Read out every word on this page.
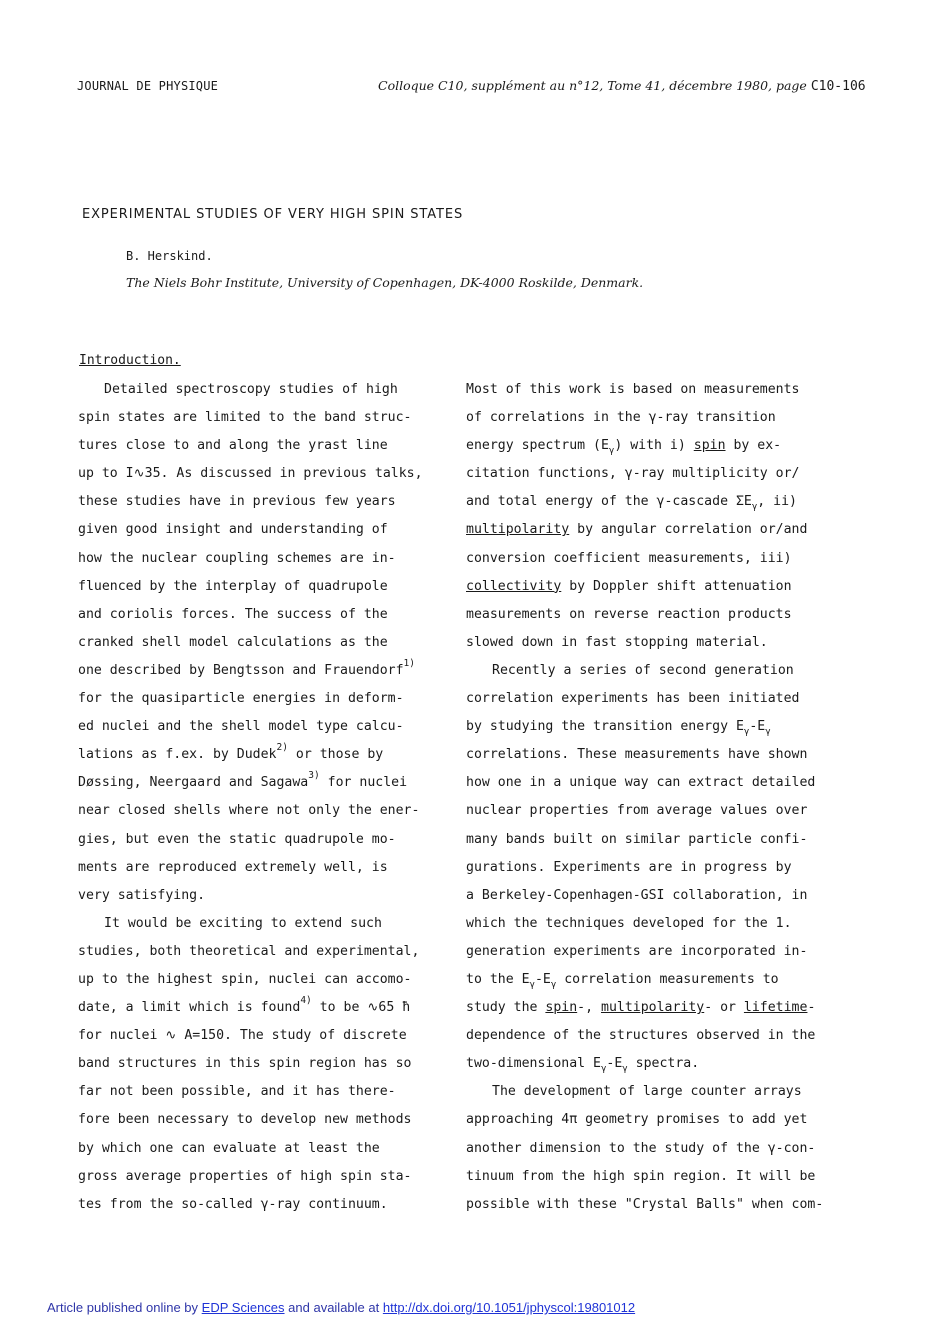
JOURNAL DE PHYSIQUE	Colloque C10, supplément au n°12, Tome 41, décembre 1980, page C10-106
EXPERIMENTAL STUDIES OF VERY HIGH SPIN STATES
B. Herskind.
The Niels Bohr Institute, University of Copenhagen, DK-4000 Roskilde, Denmark.
Introduction.
Detailed spectroscopy studies of high
spin states are limited to the band struc-
tures close to and along the yrast line
up to I∿35. As discussed in previous talks,
these studies have in previous few years
given good insight and understanding of
how the nuclear coupling schemes are in-
fluenced by the interplay of quadrupole
and coriolis forces. The success of the
cranked shell model calculations as the
one described by Bengtsson and Frauendorf$^{1)}$
for the quasiparticle energies in deform-
ed nuclei and the shell model type calcu-
lations as f.ex. by Dudek$^{2)}$ or those by
Døssing, Neergaard and Sagawa$^{3)}$ for nuclei
near closed shells where not only the ener-
gies, but even the static quadrupole mo-
ments are reproduced extremely well, is
very satisfying.
It would be exciting to extend such
studies, both theoretical and experimental,
up to the highest spin, nuclei can accomo-
date, a limit which is found$^{4)}$ to be ∿65 ħ
for nuclei ∿ A=150. The study of discrete
band structures in this spin region has so
far not been possible, and it has there-
fore been necessary to develop new methods
by which one can evaluate at least the
gross average properties of high spin sta-
tes from the so-called γ-ray continuum.
Most of this work is based on measurements
of correlations in the γ-ray transition
energy spectrum $(E_\gamma)$ with i) spin by ex-
citation functions, γ-ray multiplicity or/
and total energy of the γ-cascade $\Sigma E_\gamma$, ii)
multipolarity by angular correlation or/and
conversion coefficient measurements, iii)
collectivity by Doppler shift attenuation
measurements on reverse reaction products
slowed down in fast stopping material.
Recently a series of second generation
correlation experiments has been initiated
by studying the transition energy $E_\gamma-E_\gamma$
correlations. These measurements have shown
how one in a unique way can extract detailed
nuclear properties from average values over
many bands built on similar particle confi-
gurations. Experiments are in progress by
a Berkeley-Copenhagen-GSI collaboration, in
which the techniques developed for the 1.
generation experiments are incorporated in-
to the $E_\gamma-E_\gamma$ correlation measurements to
study the spin-, multipolarity- or lifetime-
dependence of the structures observed in the
two-dimensional $E_\gamma-E_\gamma$ spectra.
The development of large counter arrays
approaching 4π geometry promises to add yet
another dimension to the study of the γ-con-
tinuum from the high spin region. It will be
possible with these "Crystal Balls" when com-
Article published online by EDP Sciences and available at http://dx.doi.org/10.1051/jphyscol:19801012
